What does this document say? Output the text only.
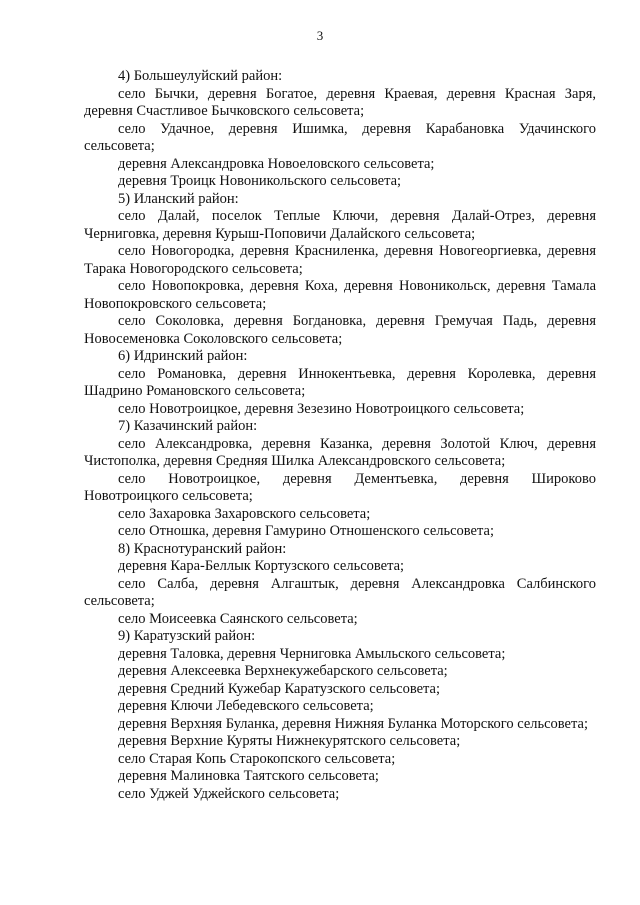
3

4) Большеулуйский район:

село Бычки, деревня Богатое, деревня Краевая, деревня Красная Заря, деревня Счастливое Бычковского сельсовета;

село Удачное, деревня Ишимка, деревня Карабановка Удачинского сельсовета;

деревня Александровка Новоеловского сельсовета;

деревня Троицк Новоникольского сельсовета;

5) Иланский район:

село Далай, поселок Теплые Ключи, деревня Далай-Отрез, деревня Черниговка, деревня Курыш-Поповичи Далайского сельсовета;

село Новогородка, деревня Красниленка, деревня Новогеоргиевка, деревня Тарака Новогородского сельсовета;

село Новопокровка, деревня Коха, деревня Новоникольск, деревня Тамала Новопокровского сельсовета;

село Соколовка, деревня Богдановка, деревня Гремучая Падь, деревня Новосеменовка Соколовского сельсовета;

6) Идринский район:

село Романовка, деревня Иннокентьевка, деревня Королевка, деревня Шадрино Романовского сельсовета;

село Новотроицкое, деревня Зезезино Новотроицкого сельсовета;

7) Казачинский район:

село Александровка, деревня Казанка, деревня Золотой Ключ, деревня Чистополка, деревня Средняя Шилка Александровского сельсовета;

село Новотроицкое, деревня Дементьевка, деревня Широково Новотроицкого сельсовета;

село Захаровка Захаровского сельсовета;

село Отношка, деревня Гамурино Отношенского сельсовета;

8) Краснотуранский район:

деревня Кара-Беллык Кортузского сельсовета;

село Салба, деревня Алгаштык, деревня Александровка Салбинского сельсовета;

село Моисеевка Саянского сельсовета;

9) Каратузский район:

деревня Таловка, деревня Черниговка Амыльского сельсовета;

деревня Алексеевка Верхнекужебарского сельсовета;

деревня Средний Кужебар Каратузского сельсовета;

деревня Ключи Лебедевского сельсовета;

деревня Верхняя Буланка, деревня Нижняя Буланка Моторского сельсовета;

деревня Верхние Куряты Нижнекурятского сельсовета;

село Старая Копь Старокопского сельсовета;

деревня Малиновка Таятского сельсовета;

село Уджей Уджейского сельсовета;
